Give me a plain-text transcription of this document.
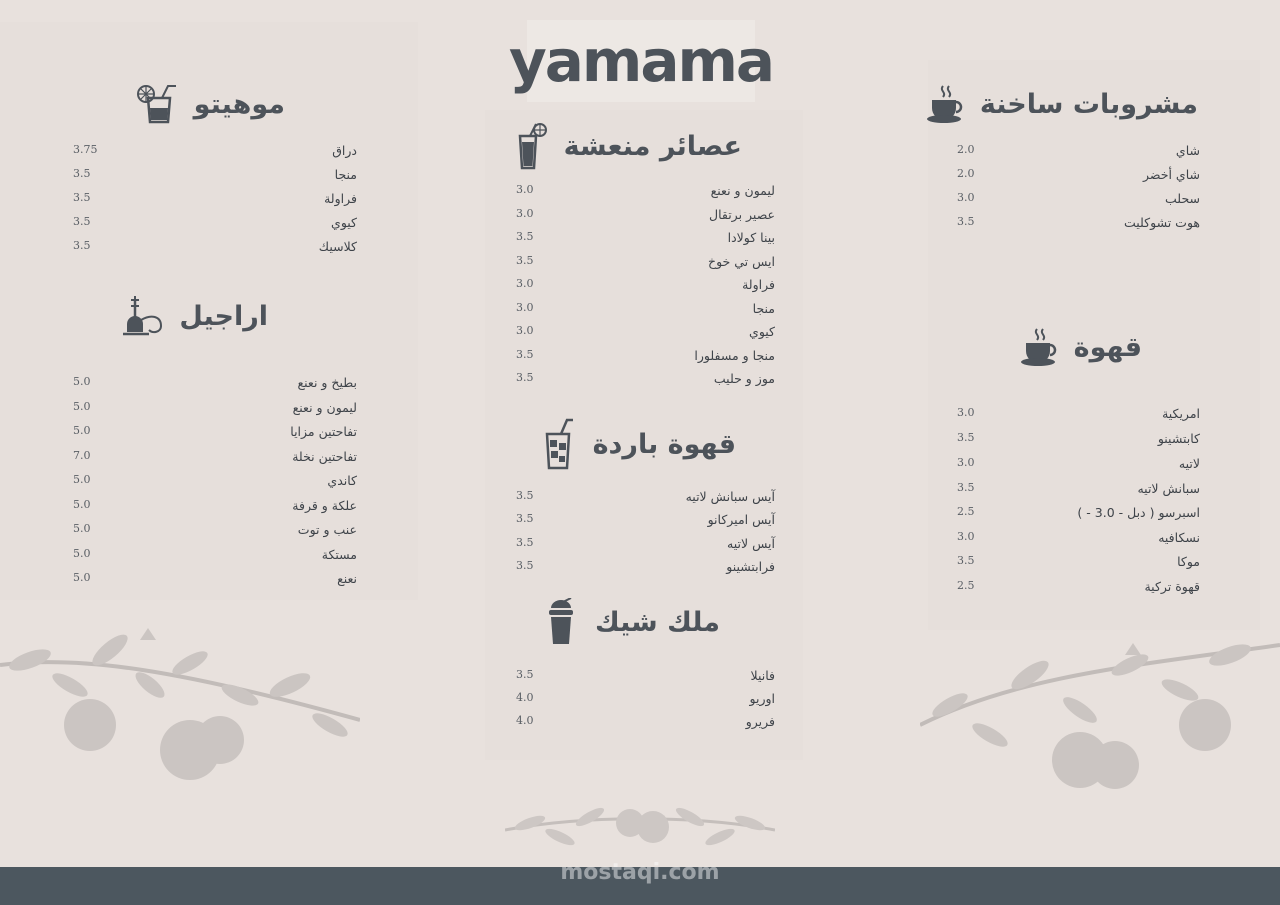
yamama
مشروبات ساخنة
شاي
2.0
شاي أخضر
2.0
سحلب
3.0
هوت تشوكليت
3.5
قهوة
امريكية
3.0
كابتشينو
3.5
لاتيه
3.0
سبانش لاتيه
3.5
اسبرسو ( دبل - 3.0 - )
2.5
نسكافيه
3.0
موكا
3.5
قهوة تركية
2.5
عصائر منعشة
ليمون و نعنع
3.0
عصير برتقال
3.0
بينا كولادا
3.5
ايس تي خوخ
3.5
فراولة
3.0
منجا
3.0
كيوي
3.0
منجا و مسفلورا
3.5
موز و حليب
3.5
قهوة باردة
آيس سبانش لاتيه
3.5
آيس اميركانو
3.5
آيس لاتيه
3.5
فرابتشينو
3.5
ملك شيك
فانيلا
3.5
اوريو
4.0
فريرو
4.0
موهيتو
دراق
3.75
منجا
3.5
فراولة
3.5
كيوي
3.5
كلاسيك
3.5
اراجيل
بطيخ و نعنع
5.0
ليمون و نعنع
5.0
تفاحتين مزايا
5.0
تفاحتين نخلة
7.0
كاندي
5.0
علكة و قرفة
5.0
عنب و توت
5.0
مستكة
5.0
نعنع
5.0
mostaqi.com
